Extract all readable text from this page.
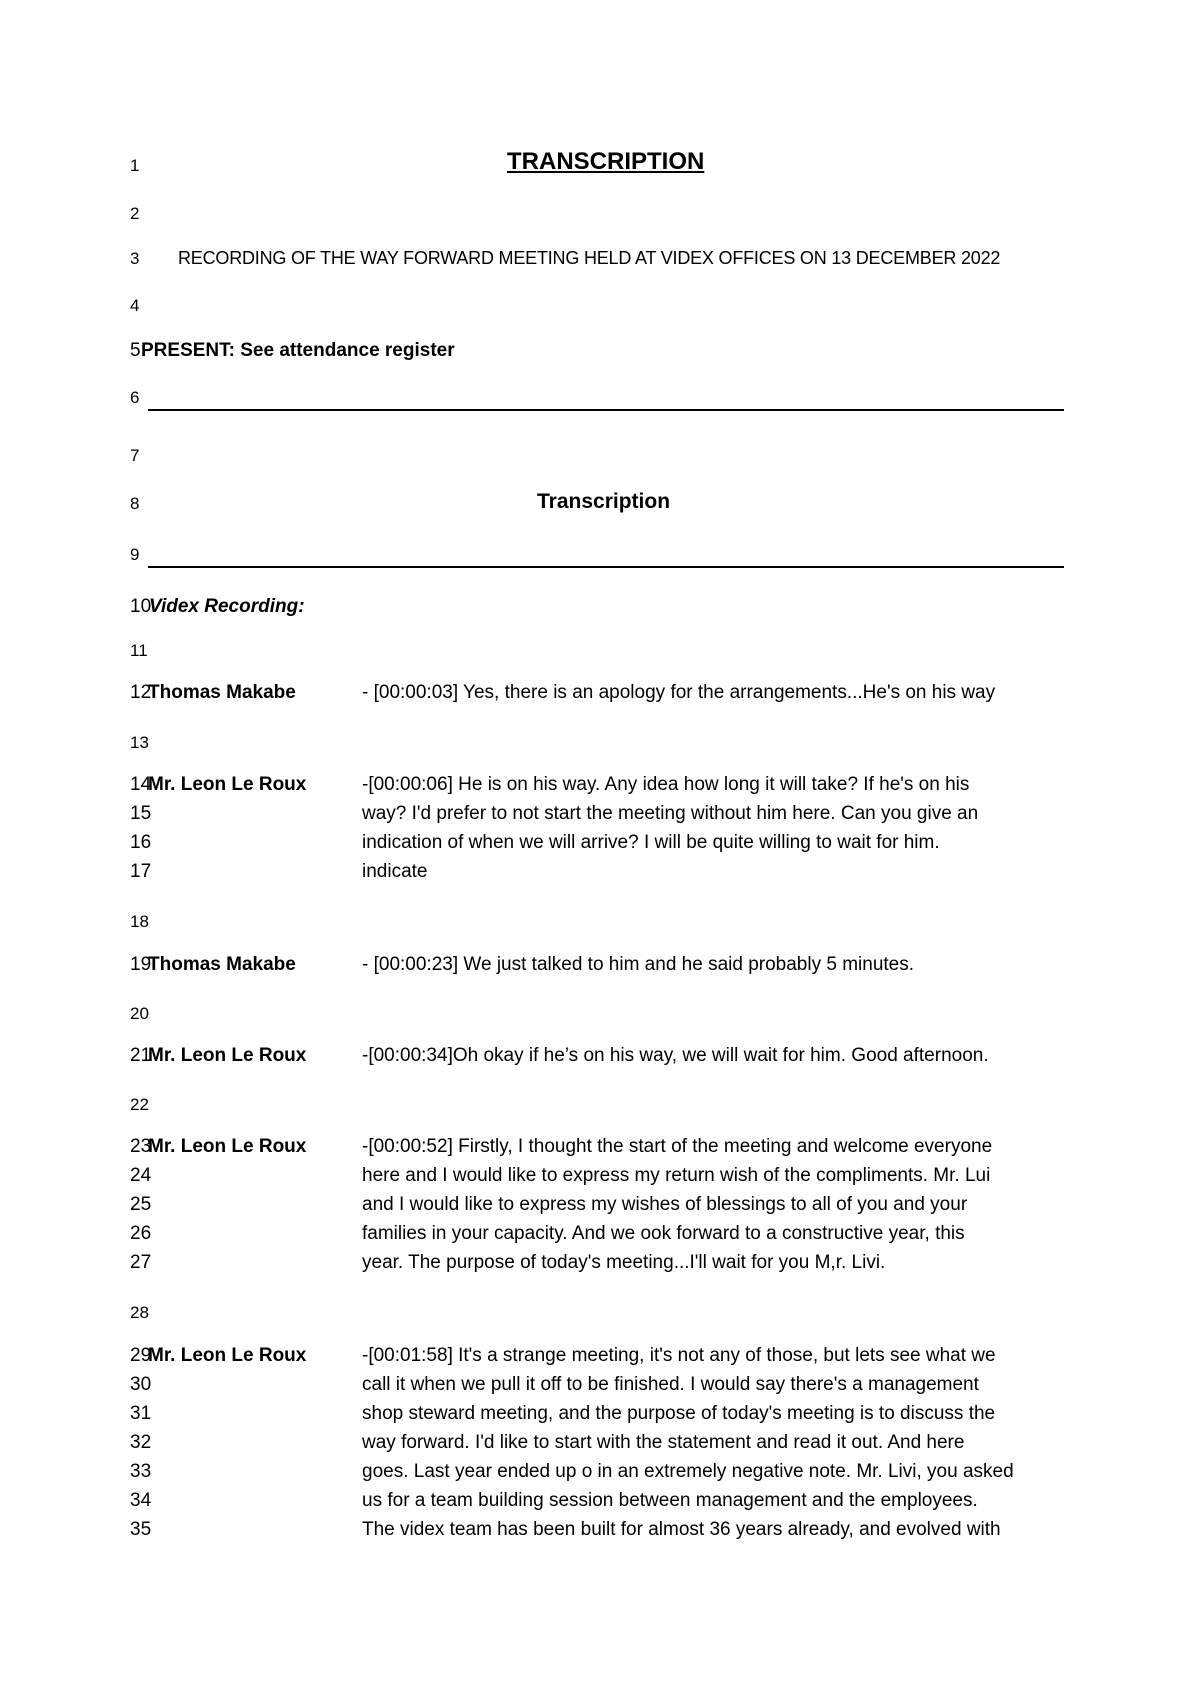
1
2
3
4
5
6
7
8
9
10
11
13
18
20
22
28
TRANSCRIPTION
RECORDING OF THE WAY FORWARD MEETING HELD AT VIDEX OFFICES ON 13 DECEMBER 2022
PRESENT: See attendance register
Transcription
Videx Recording:
12
Thomas Makabe	- [00:00:03] Yes, there is an apology for the arrangements...He's on his way
14
Mr. Leon Le Roux	-[00:00:06] He is on his way. Any idea how long it will take? If he's on his
15	way? I'd prefer to not start the meeting without him here. Can you give an
16	indication of when we will arrive? I will be quite willing to wait for him.
17	indicate
19
Thomas Makabe	- [00:00:23] We just talked to him and he said probably 5 minutes.
21
Mr. Leon Le Roux	-[00:00:34]Oh okay if he’s on his way, we will wait for him. Good afternoon.
23
Mr. Leon Le Roux	-[00:00:52] Firstly, I thought the start of the meeting and welcome everyone
24	here and I would like to express my return wish of the compliments. Mr. Lui
25	and I would like to express my wishes of blessings to all of you and your
26	families in your capacity. And we ook forward to a constructive year, this
27	year. The purpose of today's meeting...I'll wait for you M,r. Livi.
29
Mr. Leon Le Roux	-[00:01:58] It's a strange meeting, it's not any of those, but lets see what we
30	call it when we pull it off to be finished. I would say there's a management
31	shop steward meeting, and the purpose of today's meeting is to discuss the
32	way forward. I'd like to start with the statement and read it out. And here
33	goes. Last year ended up o in an extremely negative note. Mr. Livi, you asked
34	us for a team building session between management and the employees.
35	The videx team has been built for almost 36 years already, and evolved with
